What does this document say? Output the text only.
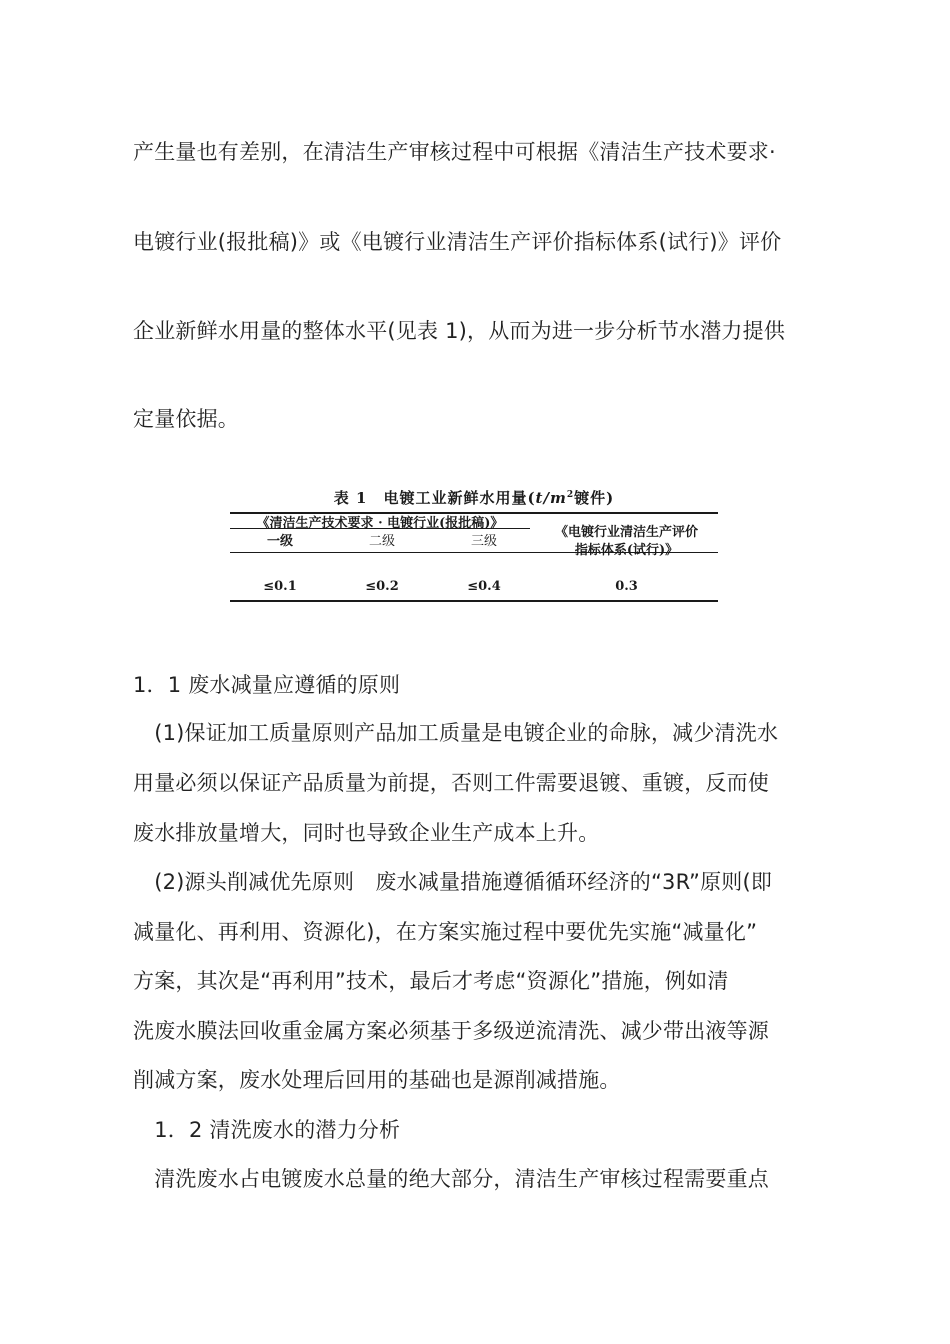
产生量也有差别，在清洁生产审核过程中可根据《清洁生产技术要求·
电镀行业(报批稿)》或《电镀行业清洁生产评价指标体系(试行)》评价
企业新鲜水用量的整体水平(见表 1)，从而为进一步分析节水潜力提供
定量依据。
表 1　电镀工业新鲜水用量($t/m^2$镀件)
《清洁生产技术要求 · 电镀行业(报批稿)》
《电镀行业清洁生产评价
指标体系(试行)》
一级	二级	三级
≤0.1	≤0.2	≤0.4	0.3
1．1 废水减量应遵循的原则
　(1)保证加工质量原则产品加工质量是电镀企业的命脉，减少清洗水
用量必须以保证产品质量为前提，否则工件需要退镀、重镀，反而使
废水排放量增大，同时也导致企业生产成本上升。
　(2)源头削减优先原则　废水减量措施遵循循环经济的“3R”原则(即
减量化、再利用、资源化)，在方案实施过程中要优先实施“减量化”
方案，其次是“再利用”技术，最后才考虑“资源化”措施，例如清
洗废水膜法回收重金属方案必须基于多级逆流清洗、减少带出液等源
削减方案，废水处理后回用的基础也是源削减措施。
　1．2 清洗废水的潜力分析
　清洗废水占电镀废水总量的绝大部分，清洁生产审核过程需要重点
